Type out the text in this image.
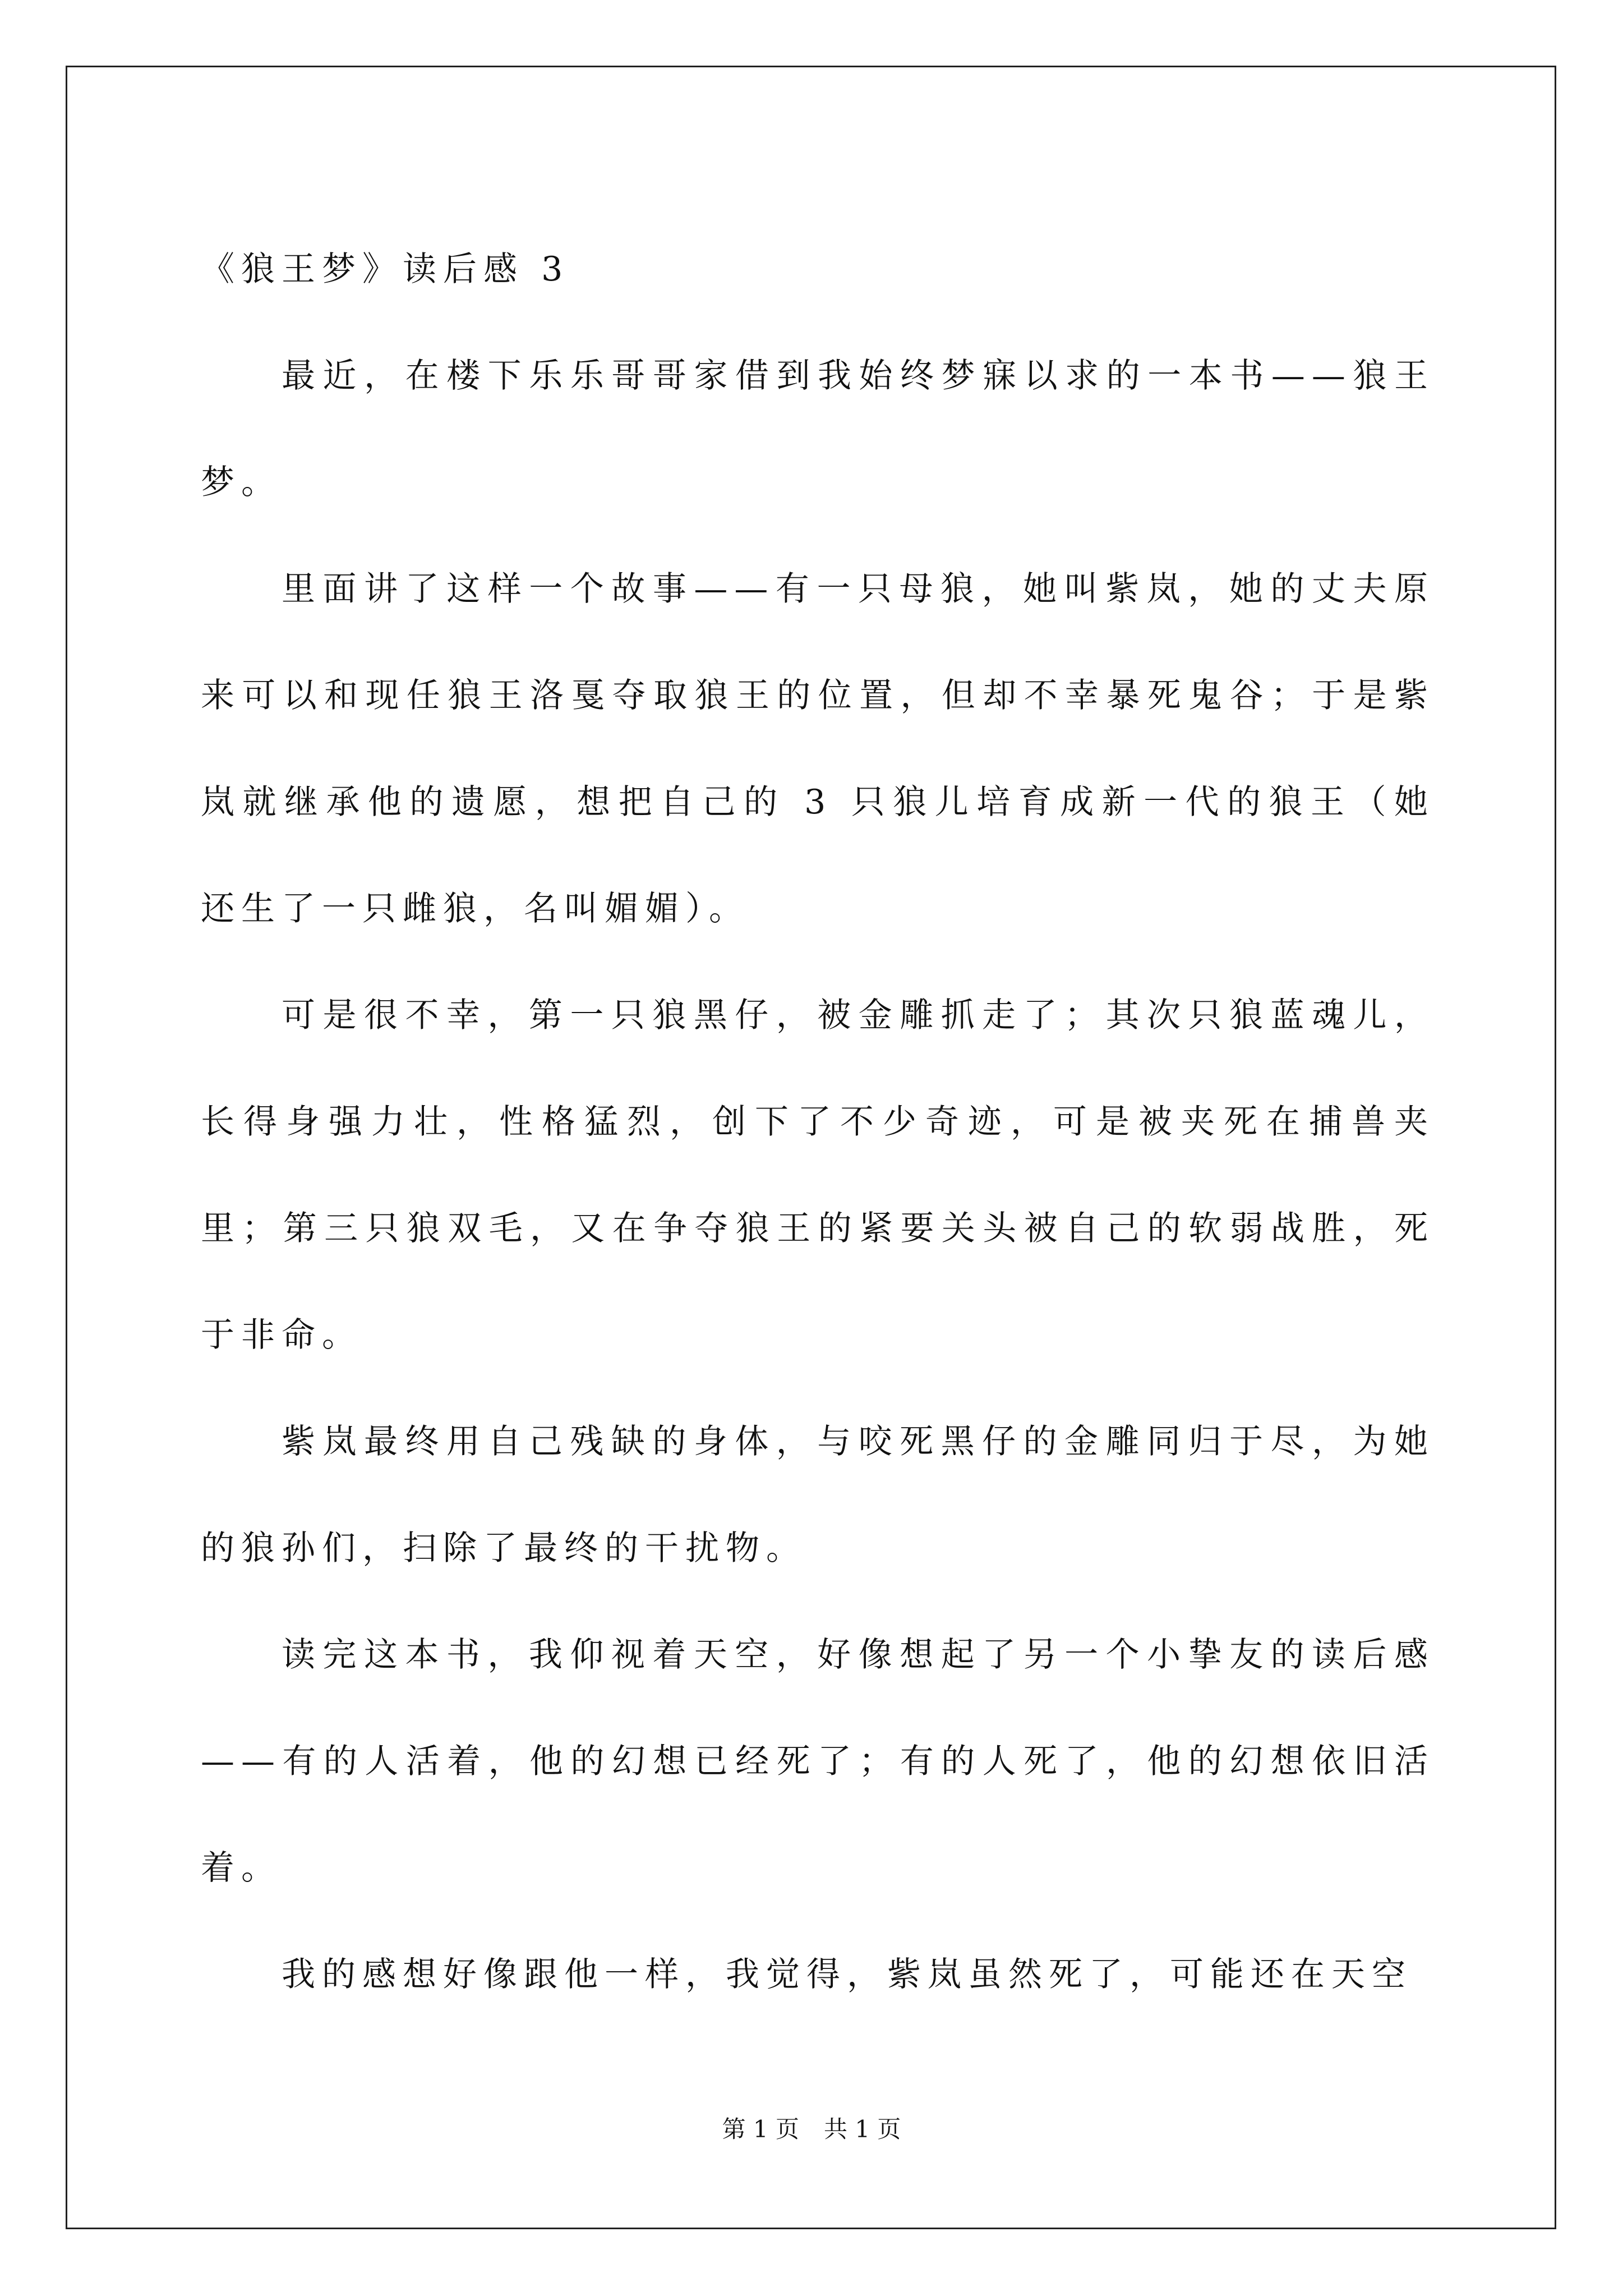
《狼王梦》读后感 3

最近，在楼下乐乐哥哥家借到我始终梦寐以求的一本书——狼王梦。

里面讲了这样一个故事——有一只母狼，她叫紫岚，她的丈夫原来可以和现任狼王洛戛夺取狼王的位置，但却不幸暴死鬼谷；于是紫岚就继承他的遗愿，想把自己的 3 只狼儿培育成新一代的狼王（她还生了一只雌狼，名叫媚媚）。

可是很不幸，第一只狼黑仔，被金雕抓走了；其次只狼蓝魂儿，长得身强力壮，性格猛烈，创下了不少奇迹，可是被夹死在捕兽夹里；第三只狼双毛，又在争夺狼王的紧要关头被自己的软弱战胜，死于非命。

紫岚最终用自己残缺的身体，与咬死黑仔的金雕同归于尽，为她的狼孙们，扫除了最终的干扰物。

读完这本书，我仰视着天空，好像想起了另一个小挚友的读后感——有的人活着，他的幻想已经死了；有的人死了，他的幻想依旧活着。

我的感想好像跟他一样，我觉得，紫岚虽然死了，可能还在天空

第 1 页 共 1 页
